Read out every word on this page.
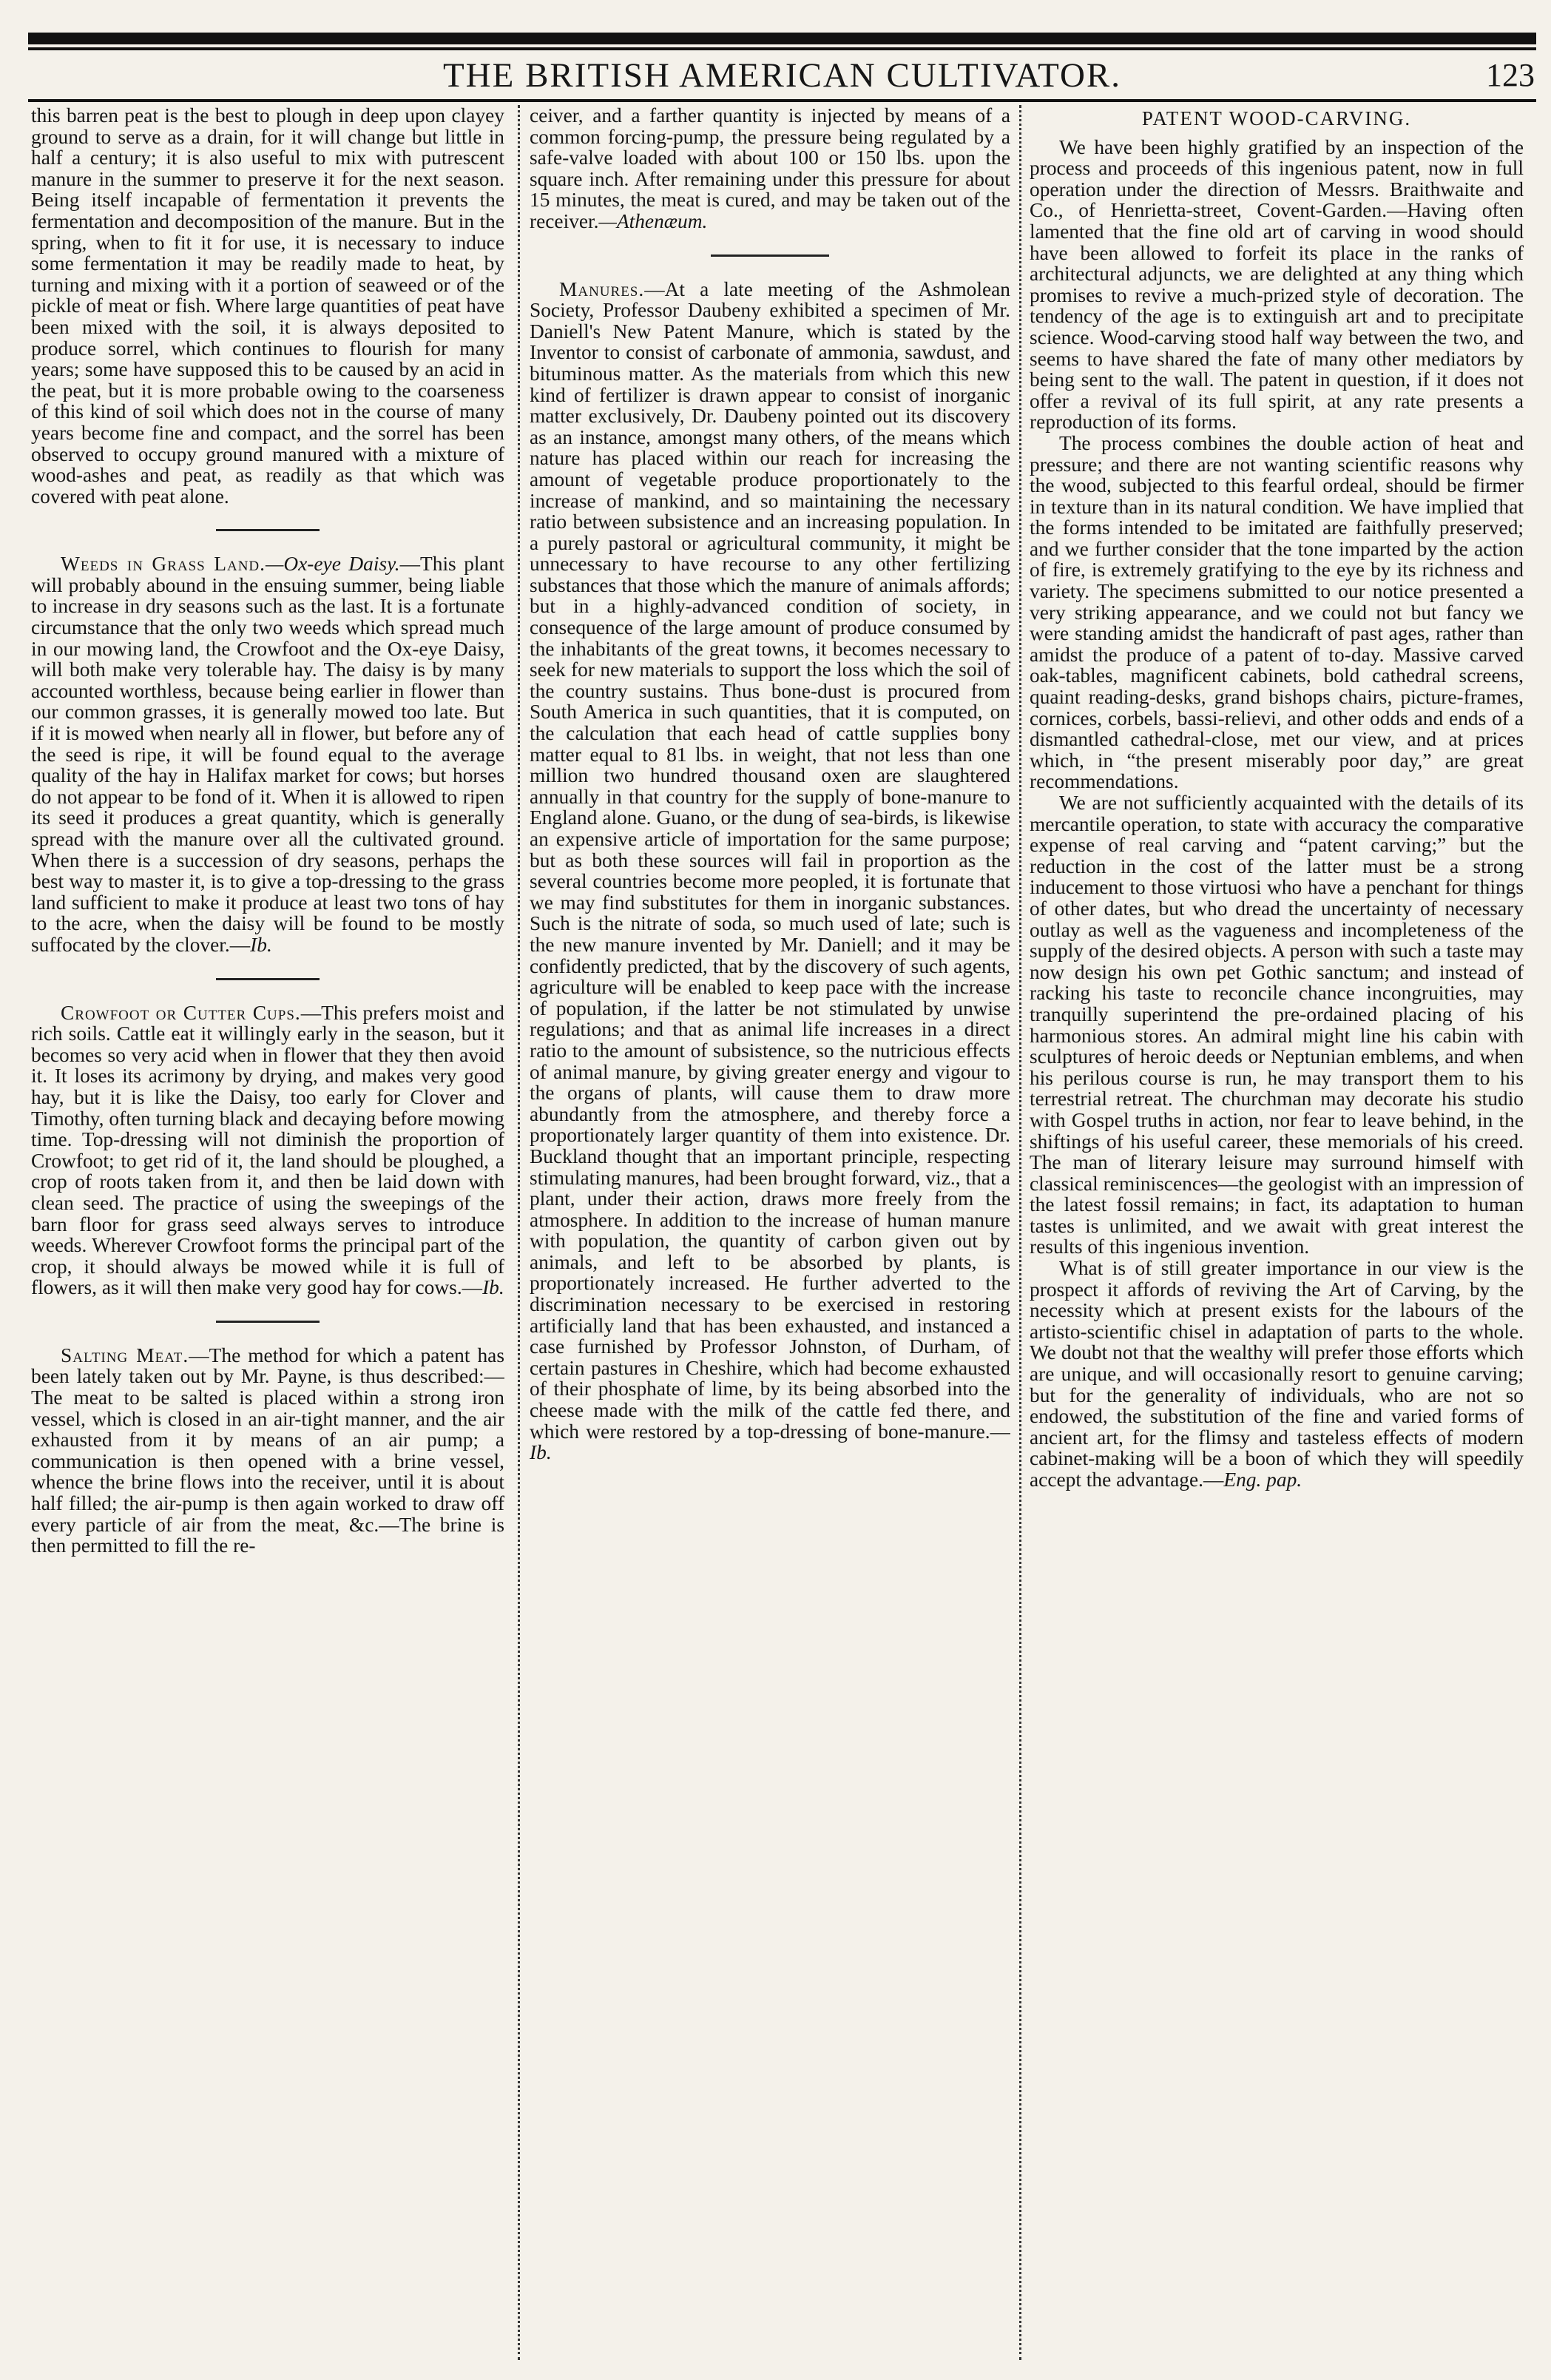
THE BRITISH AMERICAN CULTIVATOR.	123

this barren peat is the best to plough in deep upon clayey ground to serve as a drain, for it will change but little in half a century; it is also useful to mix with putrescent manure in the summer to preserve it for the next season. Being itself incapable of fermentation it prevents the fermentation and decomposition of the manure. But in the spring, when to fit it for use, it is necessary to induce some fermentation it may be readily made to heat, by turning and mixing with it a portion of seaweed or of the pickle of meat or fish. Where large quantities of peat have been mixed with the soil, it is always deposited to produce sorrel, which continues to flourish for many years; some have supposed this to be caused by an acid in the peat, but it is more probable owing to the coarseness of this kind of soil which does not in the course of many years become fine and compact, and the sorrel has been observed to occupy ground manured with a mixture of wood-ashes and peat, as readily as that which was covered with peat alone.

Weeds in Grass Land.—Ox-eye Daisy.—This plant will probably abound in the ensuing summer, being liable to increase in dry seasons such as the last. It is a fortunate circumstance that the only two weeds which spread much in our mowing land, the Crowfoot and the Ox-eye Daisy, will both make very tolerable hay. The daisy is by many accounted worthless, because being earlier in flower than our common grasses, it is generally mowed too late. But if it is mowed when nearly all in flower, but before any of the seed is ripe, it will be found equal to the average quality of the hay in Halifax market for cows; but horses do not appear to be fond of it. When it is allowed to ripen its seed it produces a great quantity, which is generally spread with the manure over all the cultivated ground. When there is a succession of dry seasons, perhaps the best way to master it, is to give a top-dressing to the grass land sufficient to make it produce at least two tons of hay to the acre, when the daisy will be found to be mostly suffocated by the clover.—Ib.

Crowfoot or Cutter Cups.—This prefers moist and rich soils. Cattle eat it willingly early in the season, but it becomes so very acid when in flower that they then avoid it. It loses its acrimony by drying, and makes very good hay, but it is like the Daisy, too early for Clover and Timothy, often turning black and decaying before mowing time. Top-dressing will not diminish the proportion of Crowfoot; to get rid of it, the land should be ploughed, a crop of roots taken from it, and then be laid down with clean seed. The practice of using the sweepings of the barn floor for grass seed always serves to introduce weeds. Wherever Crowfoot forms the principal part of the crop, it should always be mowed while it is full of flowers, as it will then make very good hay for cows.—Ib.

Salting Meat.—The method for which a patent has been lately taken out by Mr. Payne, is thus described:—The meat to be salted is placed within a strong iron vessel, which is closed in an air-tight manner, and the air exhausted from it by means of an air pump; a communication is then opened with a brine vessel, whence the brine flows into the receiver, until it is about half filled; the air-pump is then again worked to draw off every particle of air from the meat, &c.—The brine is then permitted to fill the re-

ceiver, and a farther quantity is injected by means of a common forcing-pump, the pressure being regulated by a safe-valve loaded with about 100 or 150 lbs. upon the square inch. After remaining under this pressure for about 15 minutes, the meat is cured, and may be taken out of the receiver.—Athenæum.

Manures.—At a late meeting of the Ashmolean Society, Professor Daubeny exhibited a specimen of Mr. Daniell's New Patent Manure, which is stated by the Inventor to consist of carbonate of ammonia, sawdust, and bituminous matter. As the materials from which this new kind of fertilizer is drawn appear to consist of inorganic matter exclusively, Dr. Daubeny pointed out its discovery as an instance, amongst many others, of the means which nature has placed within our reach for increasing the amount of vegetable produce proportionately to the increase of mankind, and so maintaining the necessary ratio between subsistence and an increasing population. In a purely pastoral or agricultural community, it might be unnecessary to have recourse to any other fertilizing substances that those which the manure of animals affords; but in a highly-advanced condition of society, in consequence of the large amount of produce consumed by the inhabitants of the great towns, it becomes necessary to seek for new materials to support the loss which the soil of the country sustains. Thus bone-dust is procured from South America in such quantities, that it is computed, on the calculation that each head of cattle supplies bony matter equal to 81 lbs. in weight, that not less than one million two hundred thousand oxen are slaughtered annually in that country for the supply of bone-manure to England alone. Guano, or the dung of sea-birds, is likewise an expensive article of importation for the same purpose; but as both these sources will fail in proportion as the several countries become more peopled, it is fortunate that we may find substitutes for them in inorganic substances. Such is the nitrate of soda, so much used of late; such is the new manure invented by Mr. Daniell; and it may be confidently predicted, that by the discovery of such agents, agriculture will be enabled to keep pace with the increase of population, if the latter be not stimulated by unwise regulations; and that as animal life increases in a direct ratio to the amount of subsistence, so the nutricious effects of animal manure, by giving greater energy and vigour to the organs of plants, will cause them to draw more abundantly from the atmosphere, and thereby force a proportionately larger quantity of them into existence. Dr. Buckland thought that an important principle, respecting stimulating manures, had been brought forward, viz., that a plant, under their action, draws more freely from the atmosphere. In addition to the increase of human manure with population, the quantity of carbon given out by animals, and left to be absorbed by plants, is proportionately increased. He further adverted to the discrimination necessary to be exercised in restoring artificially land that has been exhausted, and instanced a case furnished by Professor Johnston, of Durham, of certain pastures in Cheshire, which had become exhausted of their phosphate of lime, by its being absorbed into the cheese made with the milk of the cattle fed there, and which were restored by a top-dressing of bone-manure.—Ib.

PATENT WOOD-CARVING.

We have been highly gratified by an inspection of the process and proceeds of this ingenious patent, now in full operation under the direction of Messrs. Braithwaite and Co., of Henrietta-street, Covent-Garden.—Having often lamented that the fine old art of carving in wood should have been allowed to forfeit its place in the ranks of architectural adjuncts, we are delighted at any thing which promises to revive a much-prized style of decoration. The tendency of the age is to extinguish art and to precipitate science. Wood-carving stood half way between the two, and seems to have shared the fate of many other mediators by being sent to the wall. The patent in question, if it does not offer a revival of its full spirit, at any rate presents a reproduction of its forms.

The process combines the double action of heat and pressure; and there are not wanting scientific reasons why the wood, subjected to this fearful ordeal, should be firmer in texture than in its natural condition. We have implied that the forms intended to be imitated are faithfully preserved; and we further consider that the tone imparted by the action of fire, is extremely gratifying to the eye by its richness and variety. The specimens submitted to our notice presented a very striking appearance, and we could not but fancy we were standing amidst the handicraft of past ages, rather than amidst the produce of a patent of to-day. Massive carved oak-tables, magnificent cabinets, bold cathedral screens, quaint reading-desks, grand bishops chairs, picture-frames, cornices, corbels, bassi-relievi, and other odds and ends of a dismantled cathedral-close, met our view, and at prices which, in “the present miserably poor day,” are great recommendations.

We are not sufficiently acquainted with the details of its mercantile operation, to state with accuracy the comparative expense of real carving and “patent carving;” but the reduction in the cost of the latter must be a strong inducement to those virtuosi who have a penchant for things of other dates, but who dread the uncertainty of necessary outlay as well as the vagueness and incompleteness of the supply of the desired objects. A person with such a taste may now design his own pet Gothic sanctum; and instead of racking his taste to reconcile chance incongruities, may tranquilly superintend the pre-ordained placing of his harmonious stores. An admiral might line his cabin with sculptures of heroic deeds or Neptunian emblems, and when his perilous course is run, he may transport them to his terrestrial retreat. The churchman may decorate his studio with Gospel truths in action, nor fear to leave behind, in the shiftings of his useful career, these memorials of his creed. The man of literary leisure may surround himself with classical reminiscences—the geologist with an impression of the latest fossil remains; in fact, its adaptation to human tastes is unlimited, and we await with great interest the results of this ingenious invention.

What is of still greater importance in our view is the prospect it affords of reviving the Art of Carving, by the necessity which at present exists for the labours of the artisto-scientific chisel in adaptation of parts to the whole. We doubt not that the wealthy will prefer those efforts which are unique, and will occasionally resort to genuine carving; but for the generality of individuals, who are not so endowed, the substitution of the fine and varied forms of ancient art, for the flimsy and tasteless effects of modern cabinet-making will be a boon of which they will speedily accept the advantage.—Eng. pap.
